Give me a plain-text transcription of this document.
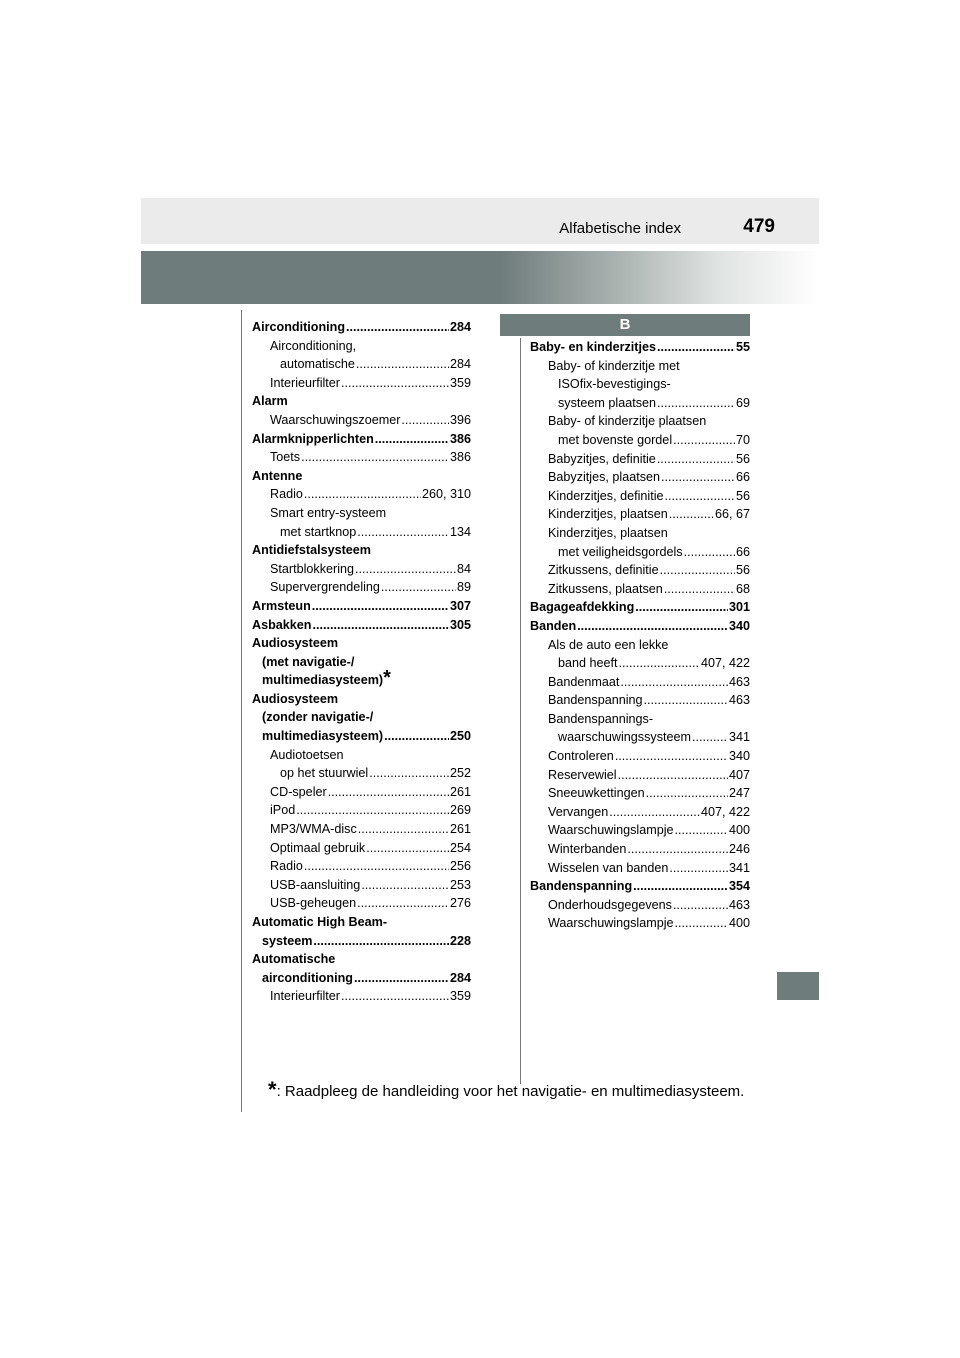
Alfabetische index	479
B
Airconditioning .....	284
Airconditioning,
automatische .....	284
Interieurfilter .....	359
Alarm
Waarschuwingszoemer .....	396
Alarmknipperlichten .....	386
Toets .....	386
Antenne
Radio .....	260, 310
Smart entry-systeem
met startknop .....	134
Antidiefstalsysteem
Startblokkering .....	84
Supervergrendeling .....	89
Armsteun .....	307
Asbakken .....	305
Audiosysteem
(met navigatie-/
multimediasysteem)*
Audiosysteem
(zonder navigatie-/
multimediasysteem) .....	250
Audiotoetsen
op het stuurwiel .....	252
CD-speler .....	261
iPod .....	269
MP3/WMA-disc .....	261
Optimaal gebruik .....	254
Radio .....	256
USB-aansluiting .....	253
USB-geheugen .....	276
Automatic High Beam-
systeem .....	228
Automatische
airconditioning .....	284
Interieurfilter .....	359
Baby- en kinderzitjes .....	55
Baby- of kinderzitje met
ISOfix-bevestigings-
systeem plaatsen .....	69
Baby- of kinderzitje plaatsen
met bovenste gordel .....	70
Babyzitjes, definitie .....	56
Babyzitjes, plaatsen .....	66
Kinderzitjes, definitie .....	56
Kinderzitjes, plaatsen .....	66, 67
Kinderzitjes, plaatsen
met veiligheidsgordels .....	66
Zitkussens, definitie .....	56
Zitkussens, plaatsen .....	68
Bagageafdekking .....	301
Banden .....	340
Als de auto een lekke
band heeft .....	407, 422
Bandenmaat .....	463
Bandenspanning .....	463
Bandenspannings-
waarschuwingssysteem .....	341
Controleren .....	340
Reservewiel .....	407
Sneeuwkettingen .....	247
Vervangen .....	407, 422
Waarschuwingslampje .....	400
Winterbanden .....	246
Wisselen van banden .....	341
Bandenspanning .....	354
Onderhoudsgegevens .....	463
Waarschuwingslampje .....	400
*: Raadpleeg de handleiding voor het navigatie- en multimediasysteem.
